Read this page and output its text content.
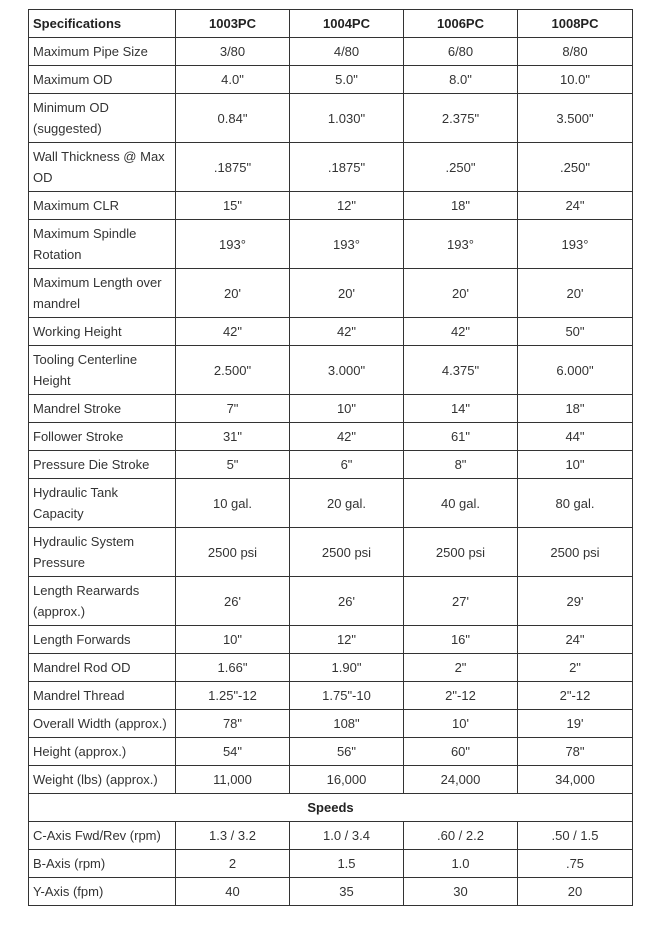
Specifications	1003PC	1004PC	1006PC	1008PC
Maximum Pipe Size	3/80	4/80	6/80	8/80
Maximum OD	4.0"	5.0"	8.0"	10.0"
Minimum OD (suggested)	0.84"	1.030"	2.375"	3.500"
Wall Thickness @ Max OD	.1875"	.1875"	.250"	.250"
Maximum CLR	15"	12"	18"	24"
Maximum Spindle Rotation	193°	193°	193°	193°
Maximum Length over mandrel	20'	20'	20'	20'
Working Height	42"	42"	42"	50"
Tooling Centerline Height	2.500"	3.000"	4.375"	6.000"
Mandrel Stroke	7"	10"	14"	18"
Follower Stroke	31"	42"	61"	44"
Pressure Die Stroke	5"	6"	8"	10"
Hydraulic Tank Capacity	10 gal.	20 gal.	40 gal.	80 gal.
Hydraulic System Pressure	2500 psi	2500 psi	2500 psi	2500 psi
Length Rearwards (approx.)	26'	26'	27'	29'
Length Forwards	10"	12"	16"	24"
Mandrel Rod OD	1.66"	1.90"	2"	2"
Mandrel Thread	1.25"-12	1.75"-10	2"-12	2"-12
Overall Width (approx.)	78"	108"	10'	19'
Height (approx.)	54"	56"	60"	78"
Weight (lbs) (approx.)	11,000	16,000	24,000	34,000
Speeds				
C-Axis Fwd/Rev (rpm)	1.3 / 3.2	1.0 / 3.4	.60 / 2.2	.50 / 1.5
B-Axis (rpm)	2	1.5	1.0	.75
Y-Axis (fpm)	40	35	30	20
